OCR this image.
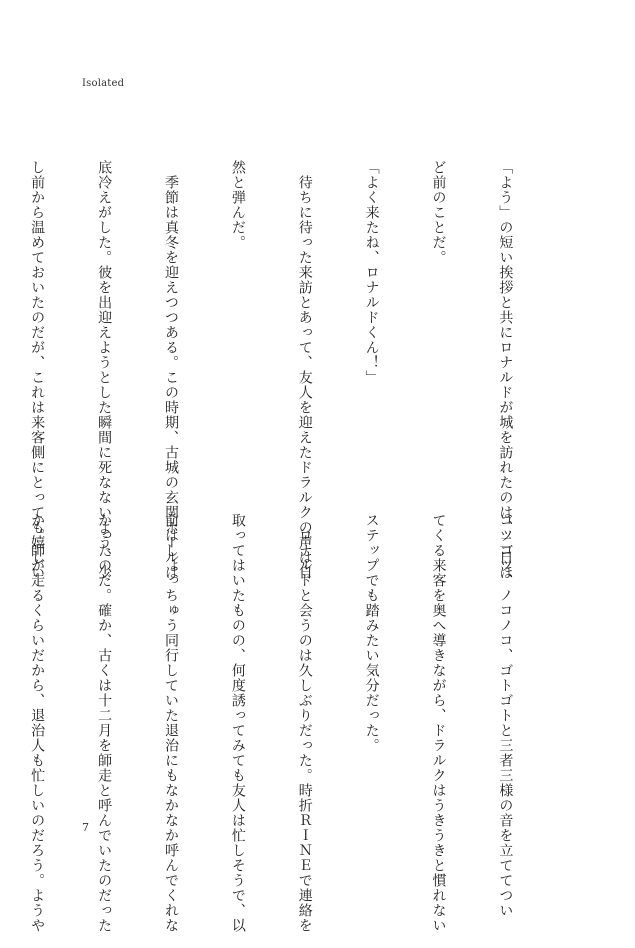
Isolated

「よう」の短い挨拶と共にロナルドが城を訪れたのは、二日ほ

ど前のことだ。

「よく来たね、ロナルドくん！」

　待ちに待った来訪とあって、友人を迎えたドラルクの声は自

然と弾んだ。

　季節は真冬を迎えつつある。この時期、古城の玄関ホールは

底冷えがした。彼を出迎えようとした瞬間に死なないよう、少

し前から温めておいたのだが、これは来客側にとっても嬉しい

コツコツ、ノコノコ、ゴトゴトと三者三様の音を立ててつい

てくる来客を奥へ導きながら、ドラルクはうきうきと慣れない

ステップでも踏みたい気分だった。

　ロナルドと会うのは久しぶりだった。時折ＲＩＮＥで連絡を

取ってはいたものの、何度誘ってみても友人は忙しそうで、以

前はしょっちゅう同行していた退治にもなかなか呼んでくれな

かったのだ。確か、古くは十二月を師走と呼んでいたのだった

か。師が走るくらいだから、退治人も忙しいのだろう。ようや

	7
